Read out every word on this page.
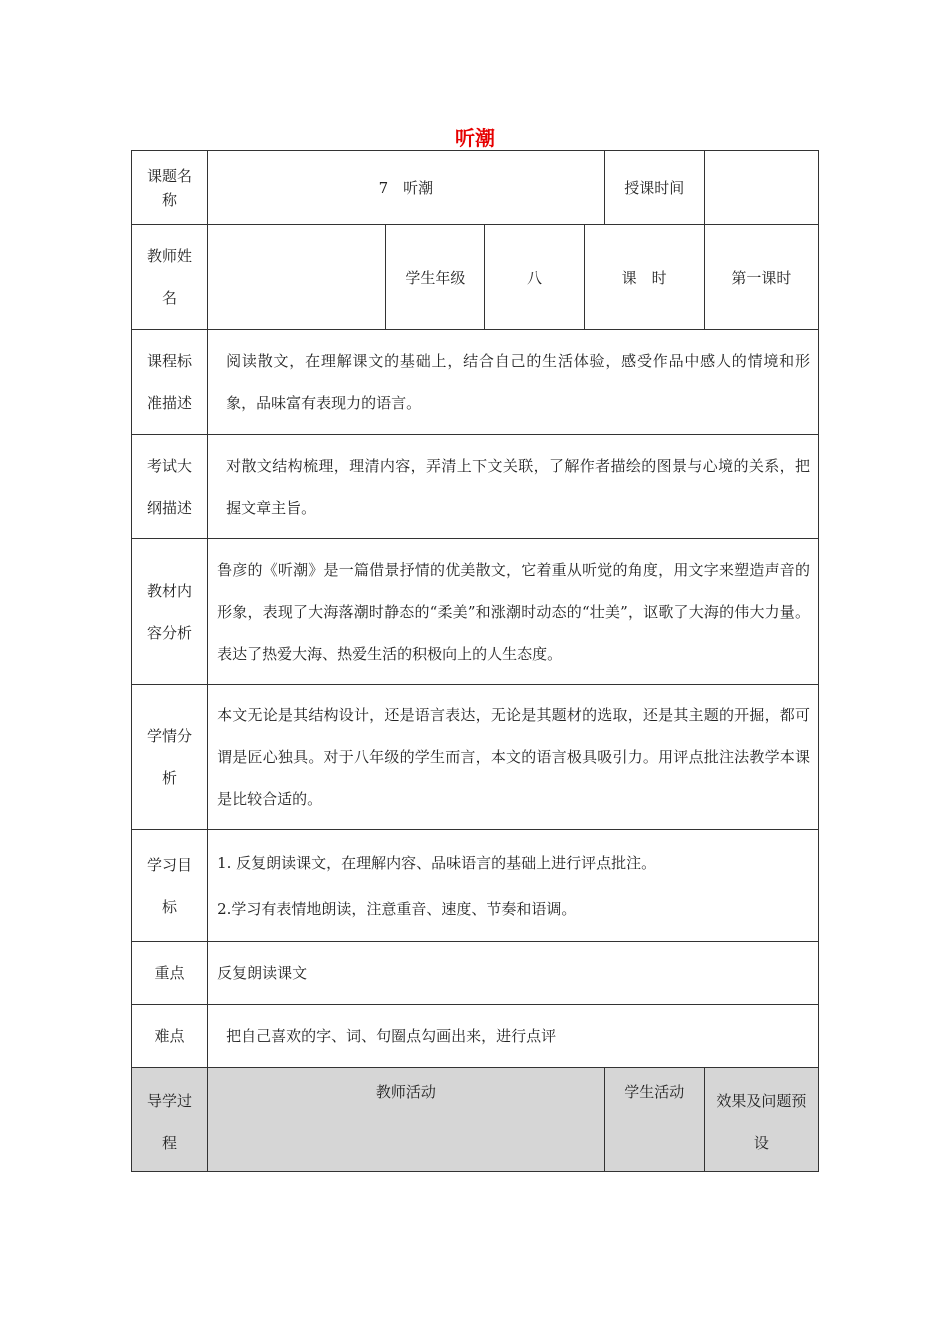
听潮
课题名称	7　听潮				授课时间	
教师姓名		学生年级	八	课　时		第一课时
课程标准描述	阅读散文，在理解课文的基础上，结合自己的生活体验，感受作品中感人的情境和形象，品味富有表现力的语言。					
考试大纲描述	对散文结构梳理，理清内容，弄清上下文关联，了解作者描绘的图景与心境的关系，把握文章主旨。					
教材内容分析	鲁彦的《听潮》是一篇借景抒情的优美散文，它着重从听觉的角度，用文字来塑造声音的形象，表现了大海落潮时静态的“柔美”和涨潮时动态的“壮美”，讴歌了大海的伟大力量。表达了热爱大海、热爱生活的积极向上的人生态度。					
学情分析	本文无论是其结构设计，还是语言表达，无论是其题材的选取，还是其主题的开掘，都可谓是匠心独具。对于八年级的学生而言，本文的语言极具吸引力。用评点批注法教学本课是比较合适的。					
学习目标	1. 反复朗读课文，在理解内容、品味语言的基础上进行评点批注。
2.学习有表情地朗读，注意重音、速度、节奏和语调。					

重点	反复朗读课文					
难点	把自己喜欢的字、词、句圈点勾画出来，进行点评					
导学过程	教师活动				学生活动	效果及问题预设
